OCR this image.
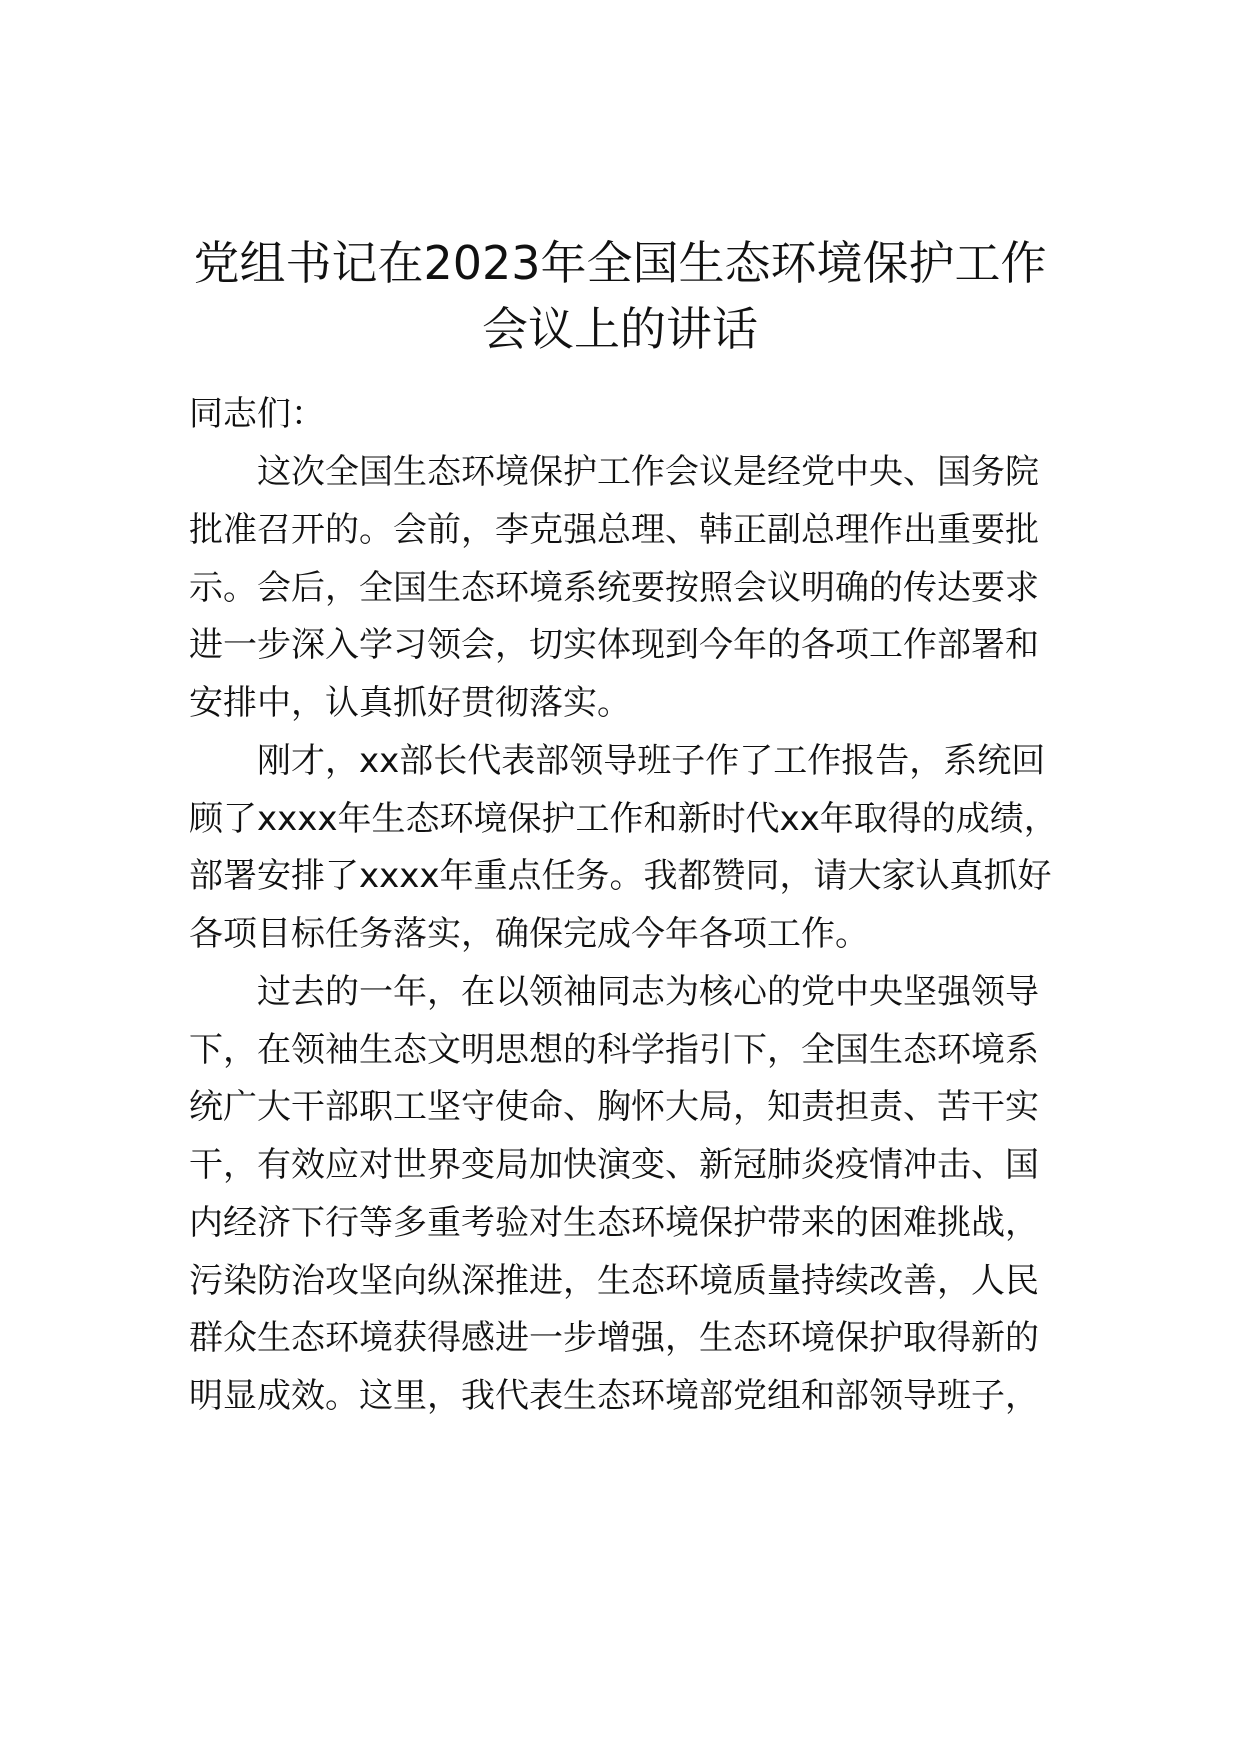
党组书记在2023年全国生态环境保护工作
会议上的讲话

同志们：

　　这次全国生态环境保护工作会议是经党中央、国务院

批准召开的。会前，李克强总理、韩正副总理作出重要批

示。会后，全国生态环境系统要按照会议明确的传达要求

进一步深入学习领会，切实体现到今年的各项工作部署和

安排中，认真抓好贯彻落实。

　　刚才，xx部长代表部领导班子作了工作报告，系统回

顾了xxxx年生态环境保护工作和新时代xx年取得的成绩，

部署安排了xxxx年重点任务。我都赞同，请大家认真抓好

各项目标任务落实，确保完成今年各项工作。

　　过去的一年，在以领袖同志为核心的党中央坚强领导

下，在领袖生态文明思想的科学指引下，全国生态环境系

统广大干部职工坚守使命、胸怀大局，知责担责、苦干实

干，有效应对世界变局加快演变、新冠肺炎疫情冲击、国

内经济下行等多重考验对生态环境保护带来的困难挑战，

污染防治攻坚向纵深推进，生态环境质量持续改善，人民

群众生态环境获得感进一步增强，生态环境保护取得新的

明显成效。这里，我代表生态环境部党组和部领导班子，
